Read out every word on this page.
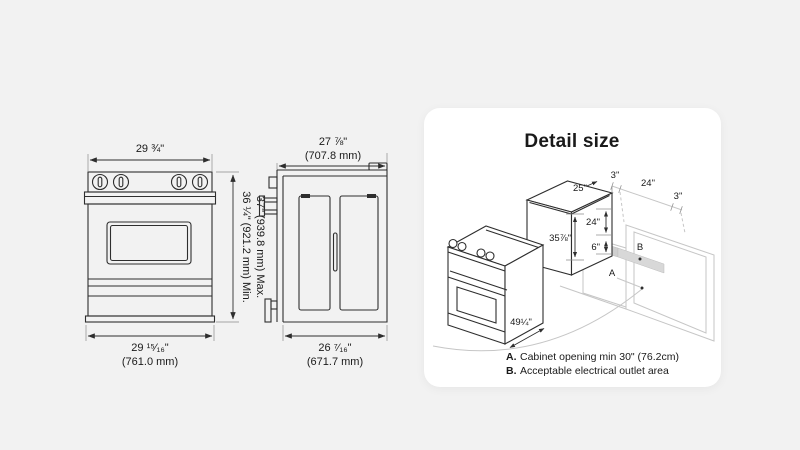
29 ¾"
29 ¹⁵⁄₁₆"
(761.0 mm)
36 ¼" (921.2 mm) Min. 37" (939.8 mm) Max.
27 ⅞"
(707.8 mm)
26 ⁷⁄₁₆"
(671.7 mm)
Detail size
3"
24"
3"
25"
35⅞"
24"
6"
49¼"
A
B
A. Cabinet opening min 30" (76.2cm)
B. Acceptable electrical outlet area
